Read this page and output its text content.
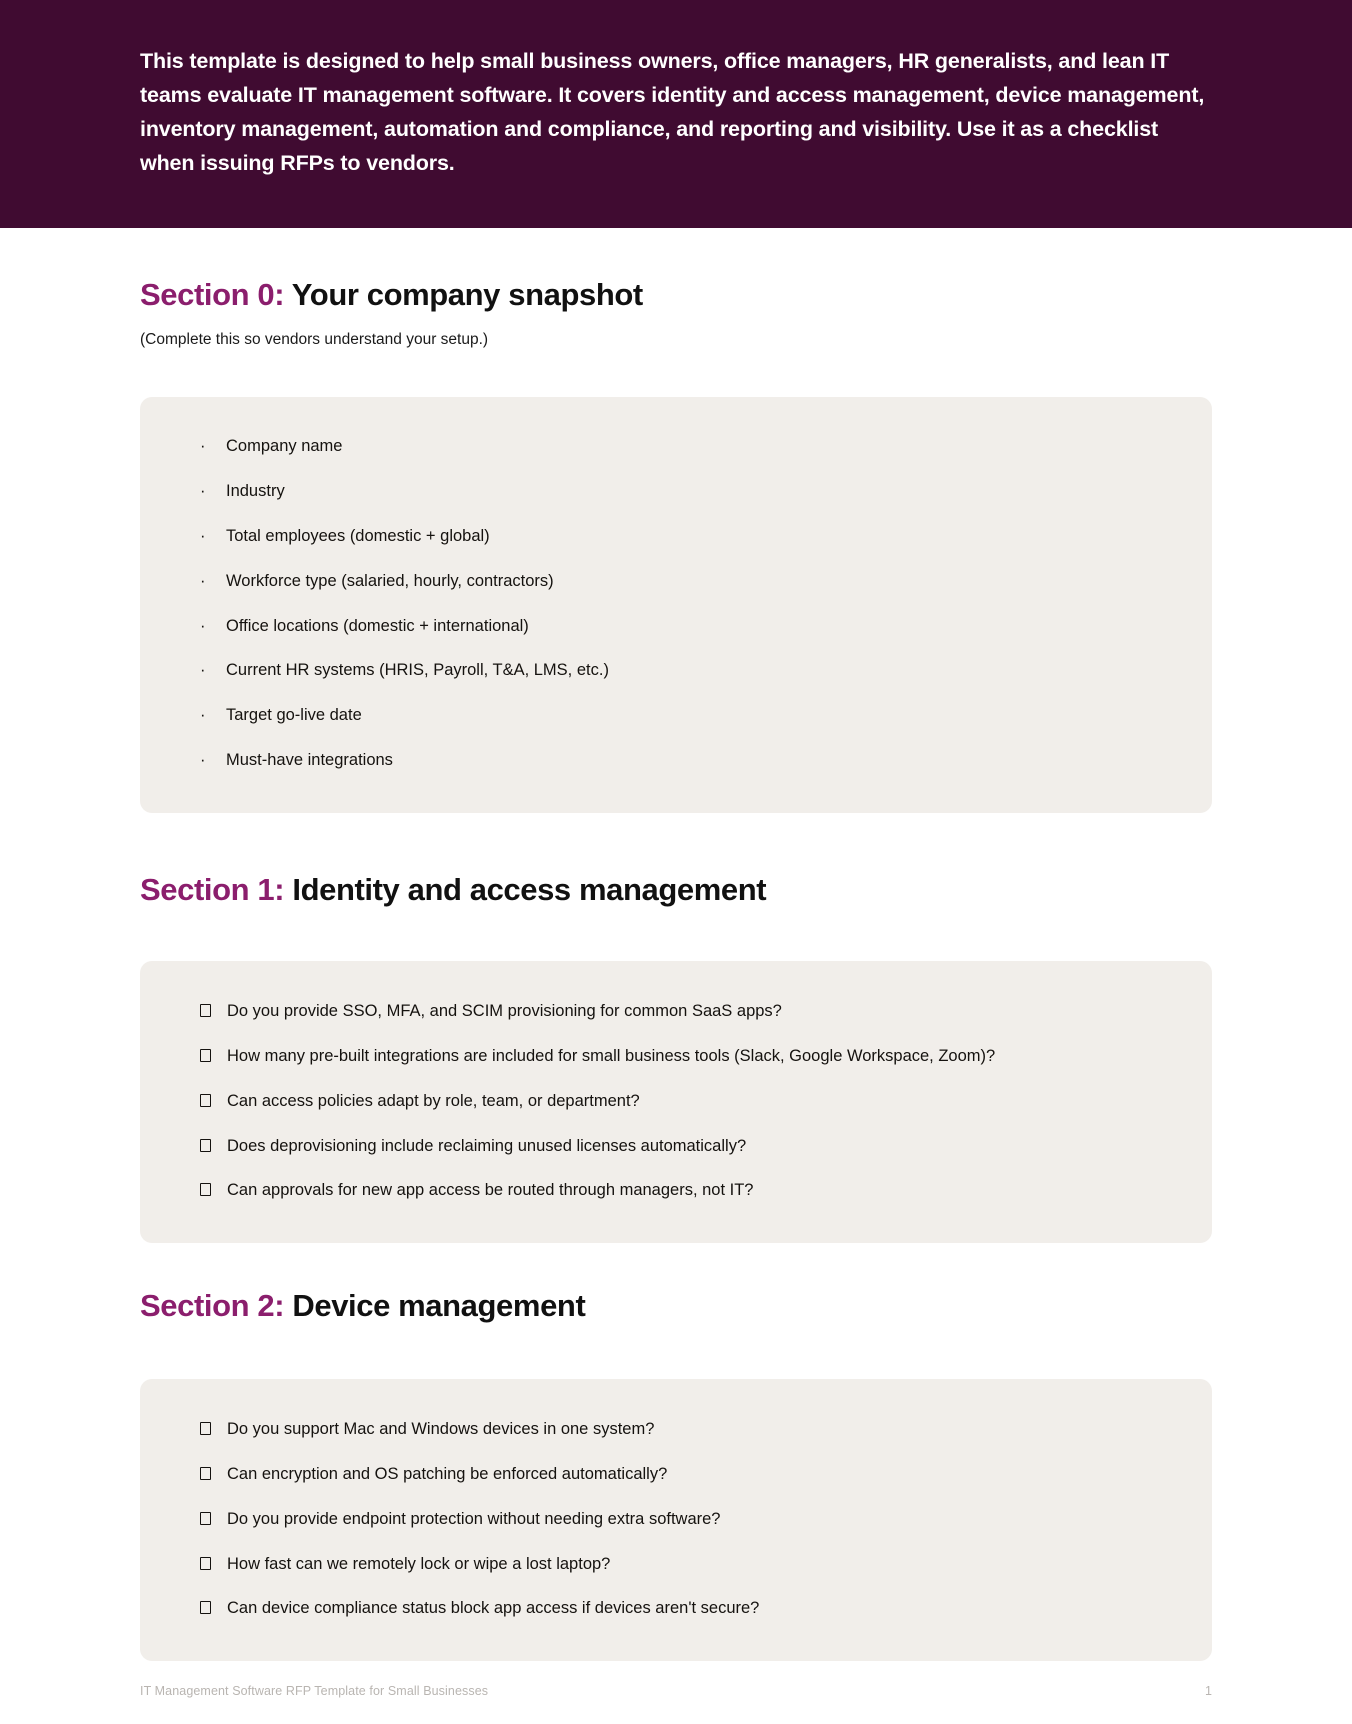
This template is designed to help small business owners, office managers, HR generalists, and lean IT teams evaluate IT management software. It covers identity and access management, device management, inventory management, automation and compliance, and reporting and visibility. Use it as a checklist when issuing RFPs to vendors.

Section 0: Your company snapshot

(Complete this so vendors understand your setup.)

·	Company name
·	Industry
·	Total employees (domestic + global)
·	Workforce type (salaried, hourly, contractors)
·	Office locations (domestic + international)
·	Current HR systems (HRIS, Payroll, T&A, LMS, etc.)
·	Target go-live date
·	Must-have integrations
Section 1: Identity and access management
Do you provide SSO, MFA, and SCIM provisioning for common SaaS apps?
How many pre-built integrations are included for small business tools (Slack, Google Workspace, Zoom)?
Can access policies adapt by role, team, or department?
Does deprovisioning include reclaiming unused licenses automatically?
Can approvals for new app access be routed through managers, not IT?
Section 2: Device management
Do you support Mac and Windows devices in one system?
Can encryption and OS patching be enforced automatically?
Do you provide endpoint protection without needing extra software?
How fast can we remotely lock or wipe a lost laptop?
Can device compliance status block app access if devices aren't secure?
IT Management Software RFP Template for Small Businesses	1
